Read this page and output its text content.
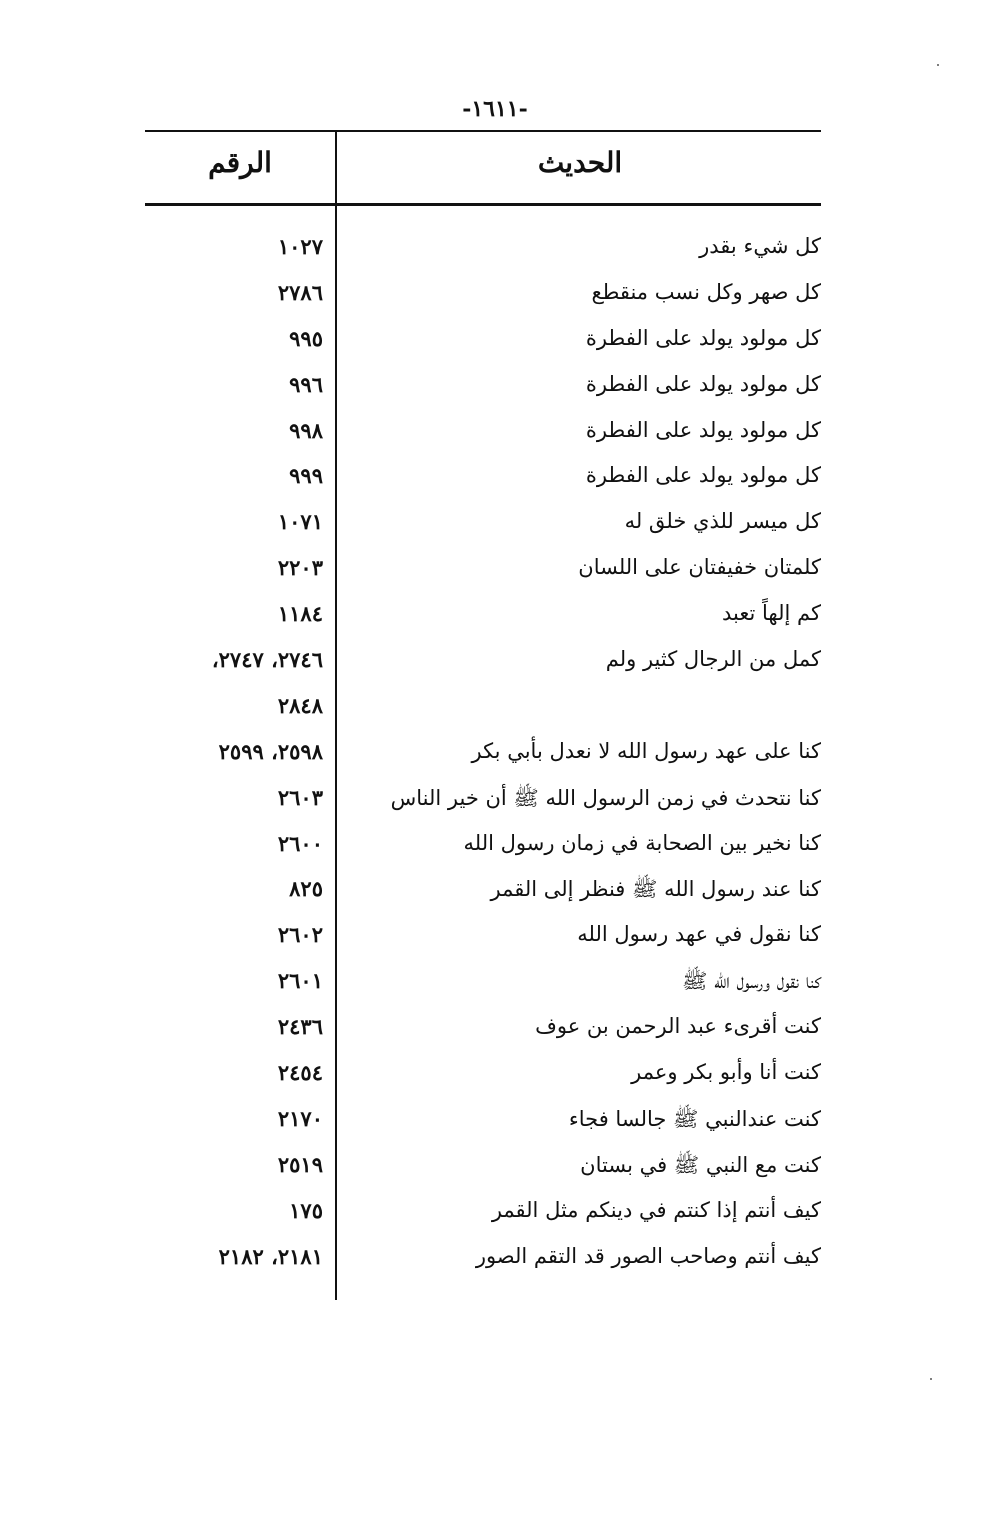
-١٦١١-
الحديث
الرقم
كل شيء بقدر
١٠٢٧
كل صهر وكل نسب منقطع
٢٧٨٦
كل مولود يولد على الفطرة
٩٩٥
كل مولود يولد على الفطرة
٩٩٦
كل مولود يولد على الفطرة
٩٩٨
كل مولود يولد على الفطرة
٩٩٩
كل ميسر للذي خلق له
١٠٧١
كلمتان خفيفتان على اللسان
٢٢٠٣
كم إلهاً تعبد
١١٨٤
كمل من الرجال كثير ولم
٢٧٤٦، ٢٧٤٧،
٢٨٤٨
كنا على عهد رسول الله لا نعدل بأبي بكر
٢٥٩٨، ٢٥٩٩
كنا نتحدث في زمن الرسول الله ﷺ أن خير الناس
٢٦٠٣
كنا نخير بين الصحابة في زمان رسول الله
٢٦٠٠
كنا عند رسول الله ﷺ فنظر إلى القمر
٨٢٥
كنا نقول في عهد رسول الله
٢٦٠٢
كنا نقول ورسول الله ﷺ
٢٦٠١
كنت أقرىء عبد الرحمن بن عوف
٢٤٣٦
كنت أنا وأبو بكر وعمر
٢٤٥٤
كنت عندالنبي ﷺ جالسا فجاء
٢١٧٠
كنت مع النبي ﷺ في بستان
٢٥١٩
كيف أنتم إذا كنتم في دينكم مثل القمر
١٧٥
كيف أنتم وصاحب الصور قد التقم الصور
٢١٨١، ٢١٨٢
